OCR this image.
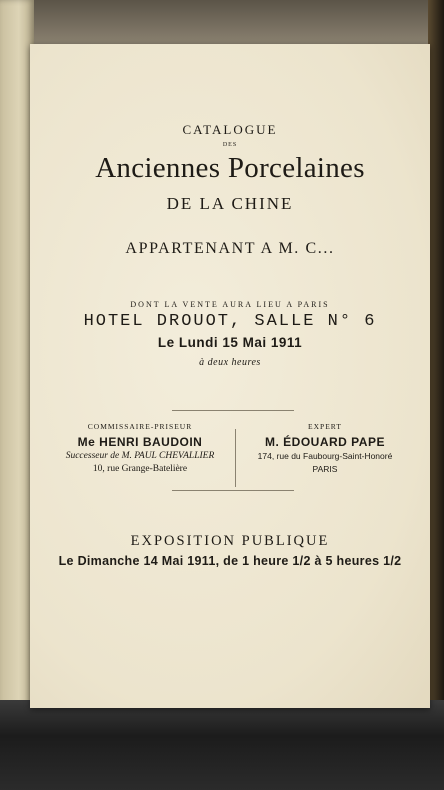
CATALOGUE
DES
Anciennes Porcelaines
DE LA CHINE
APPARTENANT A M. C...
DONT LA VENTE AURA LIEU A PARIS
HOTEL DROUOT, SALLE N° 6
Le Lundi 15 Mai 1911
à deux heures
COMMISSAIRE-PRISEUR
Me HENRI BAUDOIN
Successeur de M. PAUL CHEVALLIER
10, rue Grange-Batelière
EXPERT
M. ÉDOUARD PAPE
174, rue du Faubourg-Saint-Honoré
PARIS
EXPOSITION PUBLIQUE
Le Dimanche 14 Mai 1911, de 1 heure 1/2 à 5 heures 1/2
